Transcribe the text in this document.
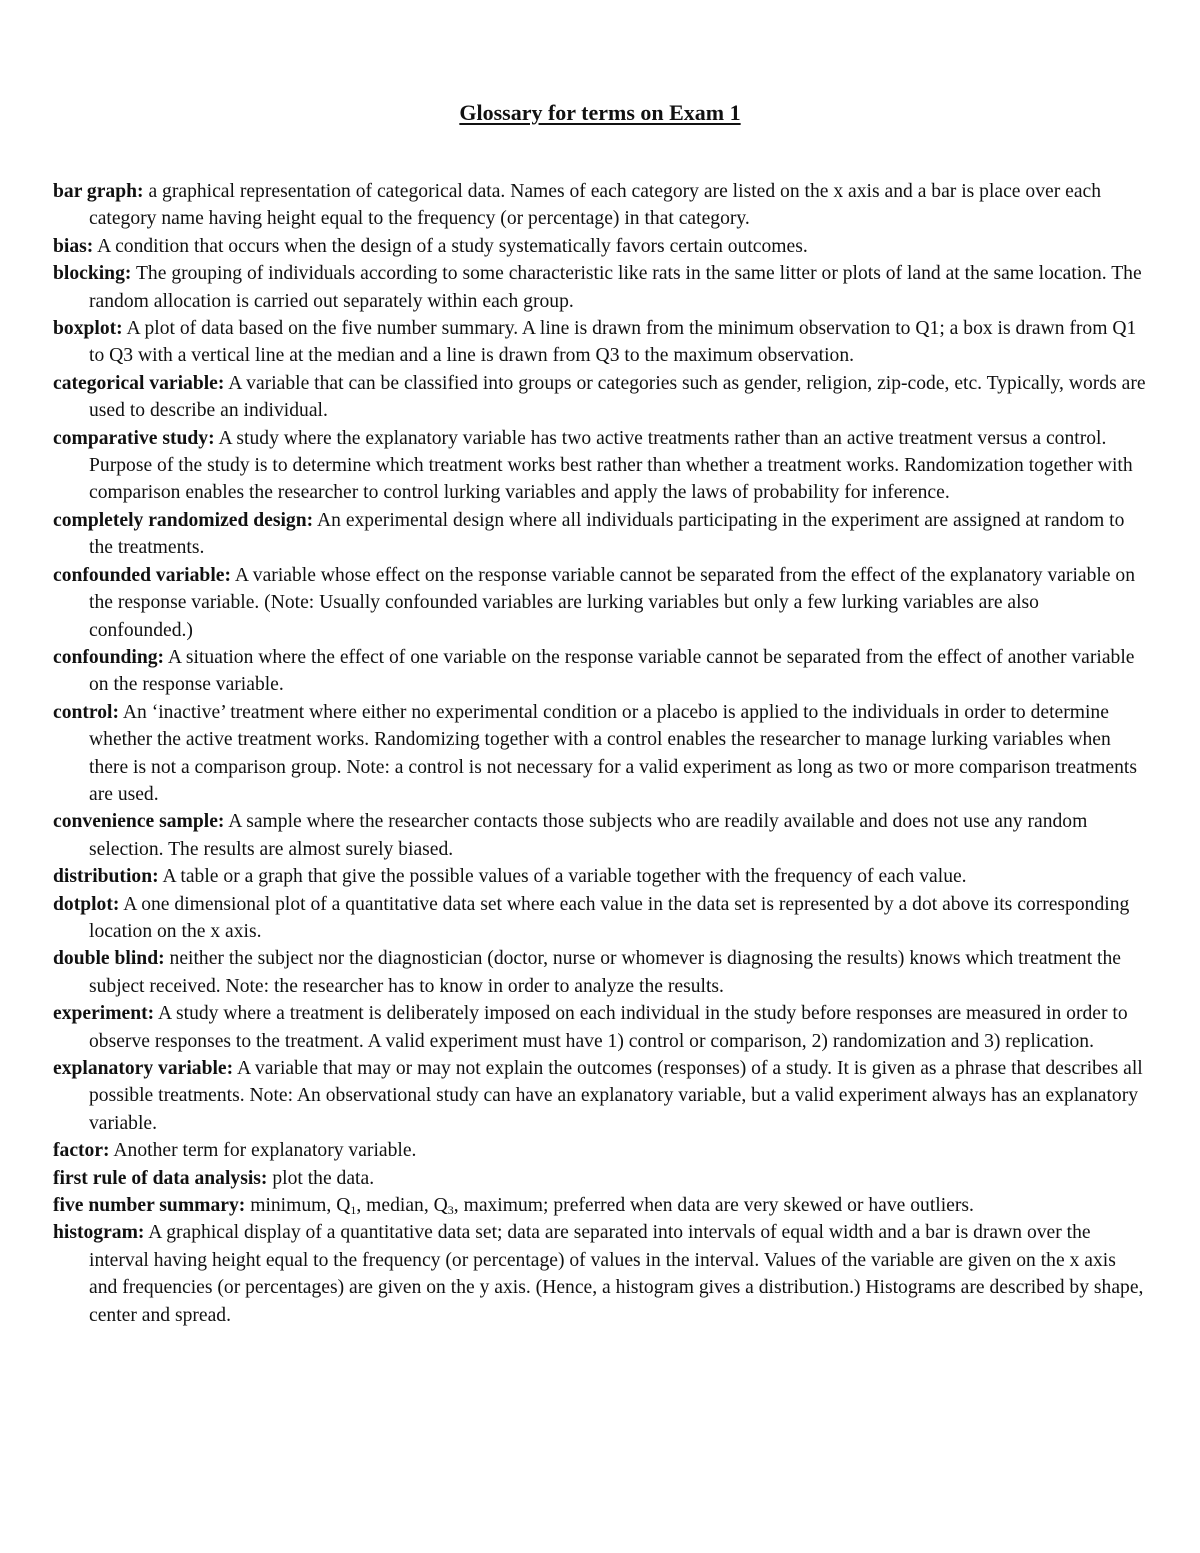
Glossary for terms on Exam 1

bar graph: a graphical representation of categorical data. Names of each category are listed on the x axis and a bar is place over each category name having height equal to the frequency (or percentage) in that category.

bias: A condition that occurs when the design of a study systematically favors certain outcomes.

blocking: The grouping of individuals according to some characteristic like rats in the same litter or plots of land at the same location. The random allocation is carried out separately within each group.

boxplot: A plot of data based on the five number summary. A line is drawn from the minimum observation to Q1; a box is drawn from Q1 to Q3 with a vertical line at the median and a line is drawn from Q3 to the maximum observation.

categorical variable: A variable that can be classified into groups or categories such as gender, religion, zip-code, etc. Typically, words are used to describe an individual.

comparative study: A study where the explanatory variable has two active treatments rather than an active treatment versus a control. Purpose of the study is to determine which treatment works best rather than whether a treatment works. Randomization together with comparison enables the researcher to control lurking variables and apply the laws of probability for inference.

completely randomized design: An experimental design where all individuals participating in the experiment are assigned at random to the treatments.

confounded variable: A variable whose effect on the response variable cannot be separated from the effect of the explanatory variable on the response variable. (Note: Usually confounded variables are lurking variables but only a few lurking variables are also confounded.)

confounding: A situation where the effect of one variable on the response variable cannot be separated from the effect of another variable on the response variable.

control: An ‘inactive’ treatment where either no experimental condition or a placebo is applied to the individuals in order to determine whether the active treatment works. Randomizing together with a control enables the researcher to manage lurking variables when there is not a comparison group. Note: a control is not necessary for a valid experiment as long as two or more comparison treatments are used.

convenience sample: A sample where the researcher contacts those subjects who are readily available and does not use any random selection. The results are almost surely biased.

distribution: A table or a graph that give the possible values of a variable together with the frequency of each value.

dotplot: A one dimensional plot of a quantitative data set where each value in the data set is represented by a dot above its corresponding location on the x axis.

double blind: neither the subject nor the diagnostician (doctor, nurse or whomever is diagnosing the results) knows which treatment the subject received. Note: the researcher has to know in order to analyze the results.

experiment: A study where a treatment is deliberately imposed on each individual in the study before responses are measured in order to observe responses to the treatment. A valid experiment must have 1) control or comparison, 2) randomization and 3) replication.

explanatory variable: A variable that may or may not explain the outcomes (responses) of a study. It is given as a phrase that describes all possible treatments. Note: An observational study can have an explanatory variable, but a valid experiment always has an explanatory variable.

factor: Another term for explanatory variable.

first rule of data analysis: plot the data.

five number summary: minimum, $Q_1$, median, $Q_3$, maximum; preferred when data are very skewed or have outliers.

histogram: A graphical display of a quantitative data set; data are separated into intervals of equal width and a bar is drawn over the interval having height equal to the frequency (or percentage) of values in the interval. Values of the variable are given on the x axis and frequencies (or percentages) are given on the y axis. (Hence, a histogram gives a distribution.) Histograms are described by shape, center and spread.
